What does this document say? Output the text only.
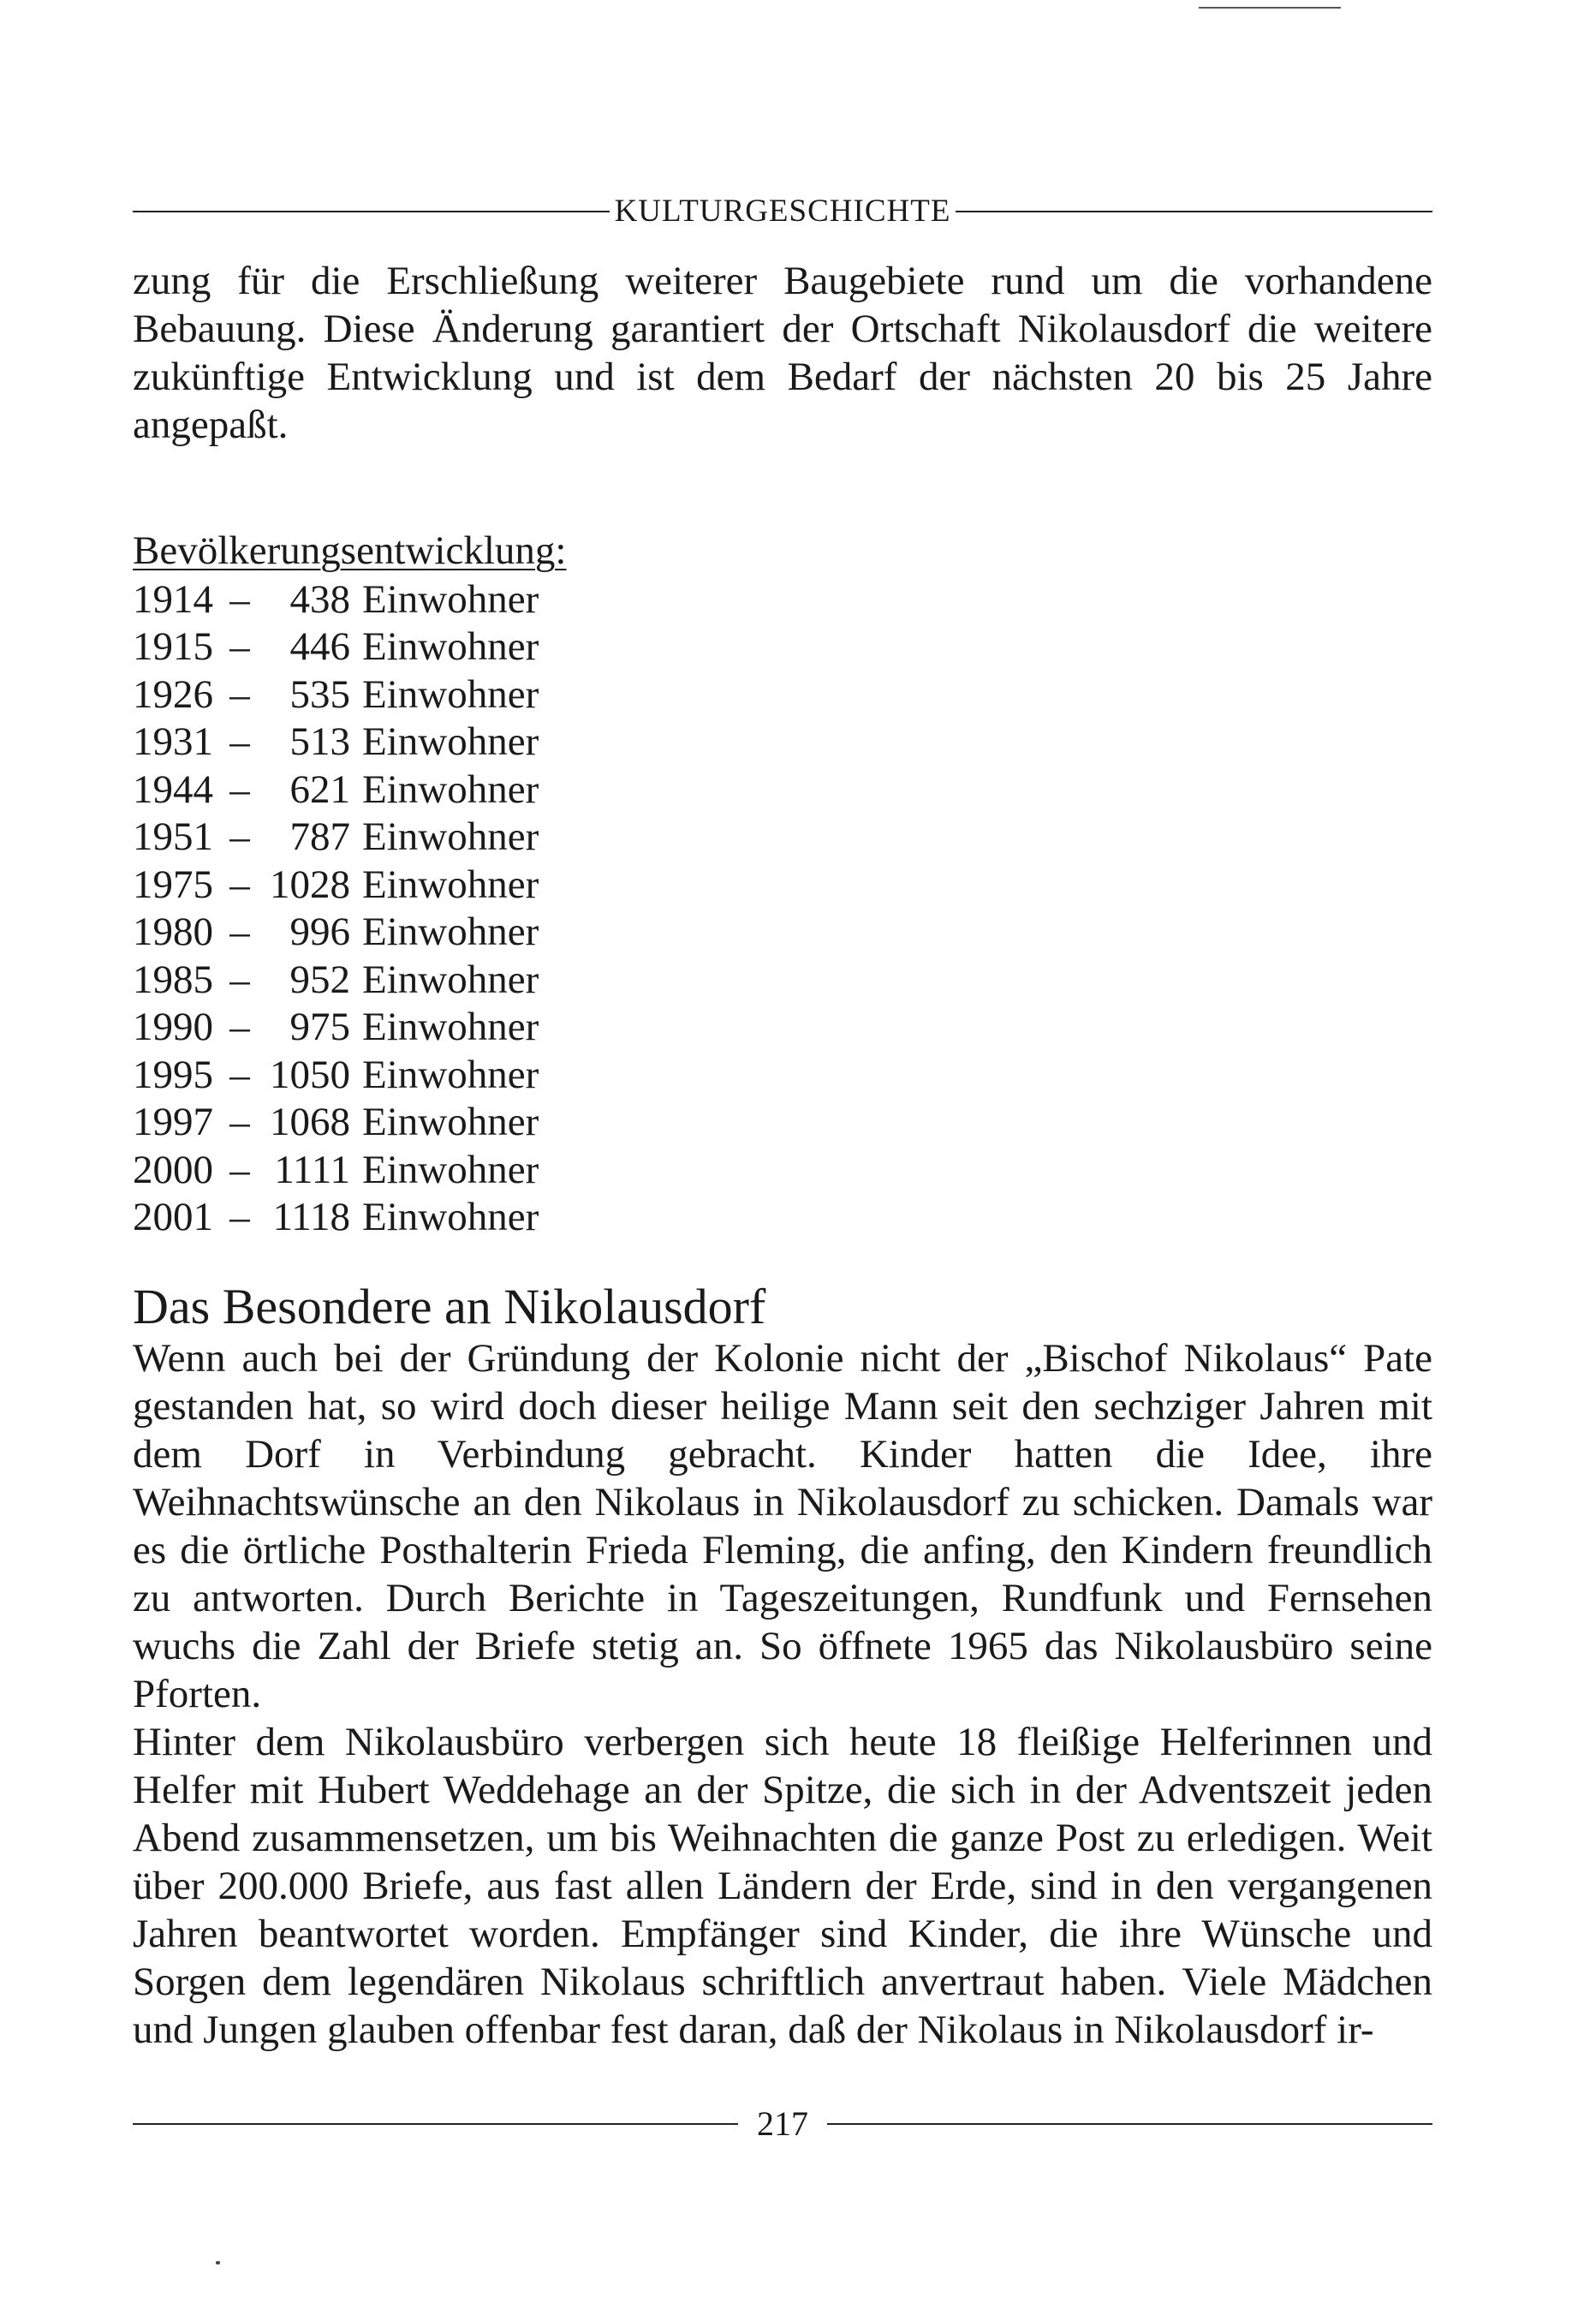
KULTURGESCHICHTE

zung für die Erschließung weiterer Baugebiete rund um die vorhandene Bebauung. Diese Änderung garantiert der Ortschaft Nikolausdorf die weitere zukünftige Entwicklung und ist dem Bedarf der nächsten 20 bis 25 Jahre angepaßt.

Bevölkerungsentwicklung:
1914 – 438 Einwohner
1915 – 446 Einwohner
1926 – 535 Einwohner
1931 – 513 Einwohner
1944 – 621 Einwohner
1951 – 787 Einwohner
1975 – 1028 Einwohner
1980 – 996 Einwohner
1985 – 952 Einwohner
1990 – 975 Einwohner
1995 – 1050 Einwohner
1997 – 1068 Einwohner
2000 – 1111 Einwohner
2001 – 1118 Einwohner
Das Besondere an Nikolausdorf

Wenn auch bei der Gründung der Kolonie nicht der „Bischof Nikolaus“ Pate gestanden hat, so wird doch dieser heilige Mann seit den sechziger Jahren mit dem Dorf in Verbindung gebracht. Kinder hatten die Idee, ihre Weihnachtswünsche an den Nikolaus in Nikolausdorf zu schicken. Damals war es die örtliche Posthalterin Frieda Fleming, die anfing, den Kindern freundlich zu antworten. Durch Berichte in Tageszeitungen, Rundfunk und Fernsehen wuchs die Zahl der Briefe stetig an. So öffnete 1965 das Nikolausbüro seine Pforten.

Hinter dem Nikolausbüro verbergen sich heute 18 fleißige Helferinnen und Helfer mit Hubert Weddehage an der Spitze, die sich in der Adventszeit jeden Abend zusammensetzen, um bis Weihnachten die ganze Post zu erledigen. Weit über 200.000 Briefe, aus fast allen Ländern der Erde, sind in den vergangenen Jahren beantwortet worden. Empfänger sind Kinder, die ihre Wünsche und Sorgen dem legendären Nikolaus schriftlich anvertraut haben. Viele Mädchen und Jungen glauben offenbar fest daran, daß der Nikolaus in Nikolausdorf ir-

217
